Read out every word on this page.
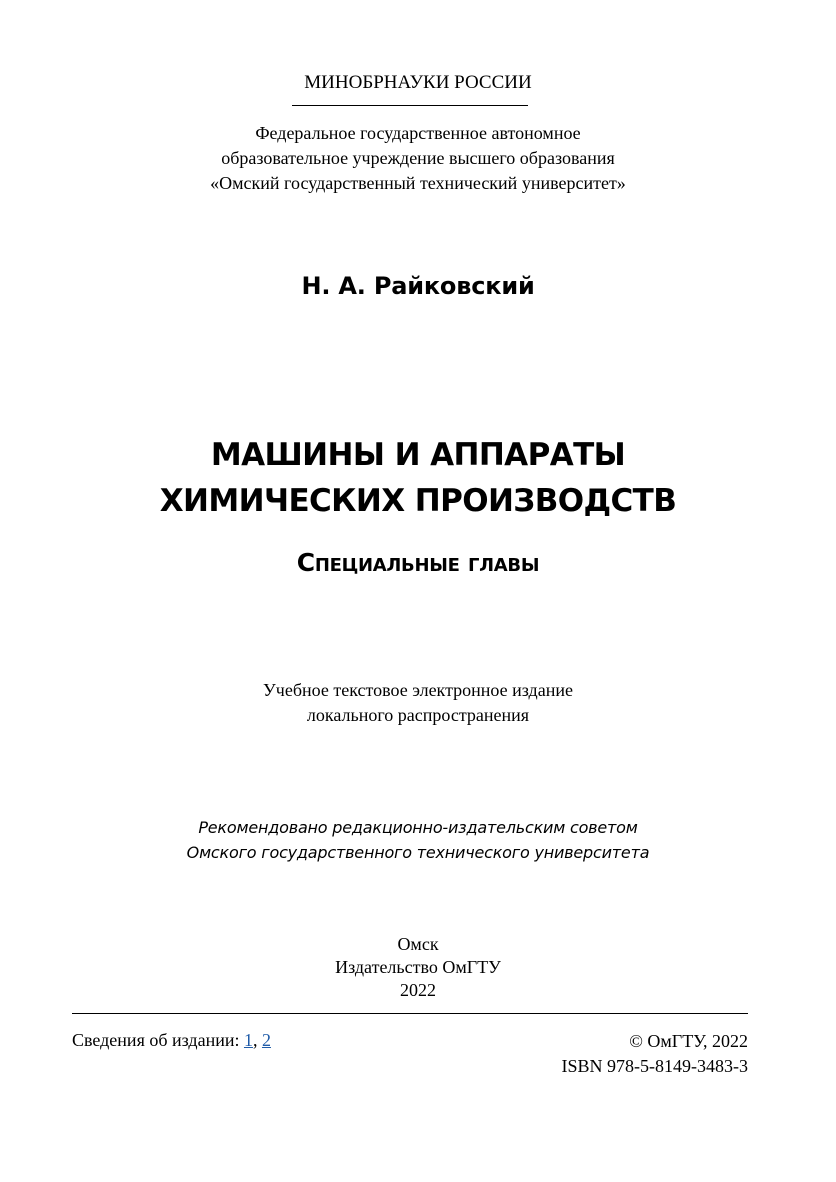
МИНОБРНАУКИ РОССИИ
Федеральное государственное автономное
образовательное учреждение высшего образования
«Омский государственный технический университет»
Н. А. Райковский
МАШИНЫ И АППАРАТЫ
ХИМИЧЕСКИХ ПРОИЗВОДСТВ
Специальные главы
Учебное текстовое электронное издание
локального распространения
Рекомендовано редакционно-издательским советом
Омского государственного технического университета
Омск
Издательство ОмГТУ
2022
Сведения об издании: 1, 2	© ОмГТУ, 2022
ISBN 978-5-8149-3483-3
